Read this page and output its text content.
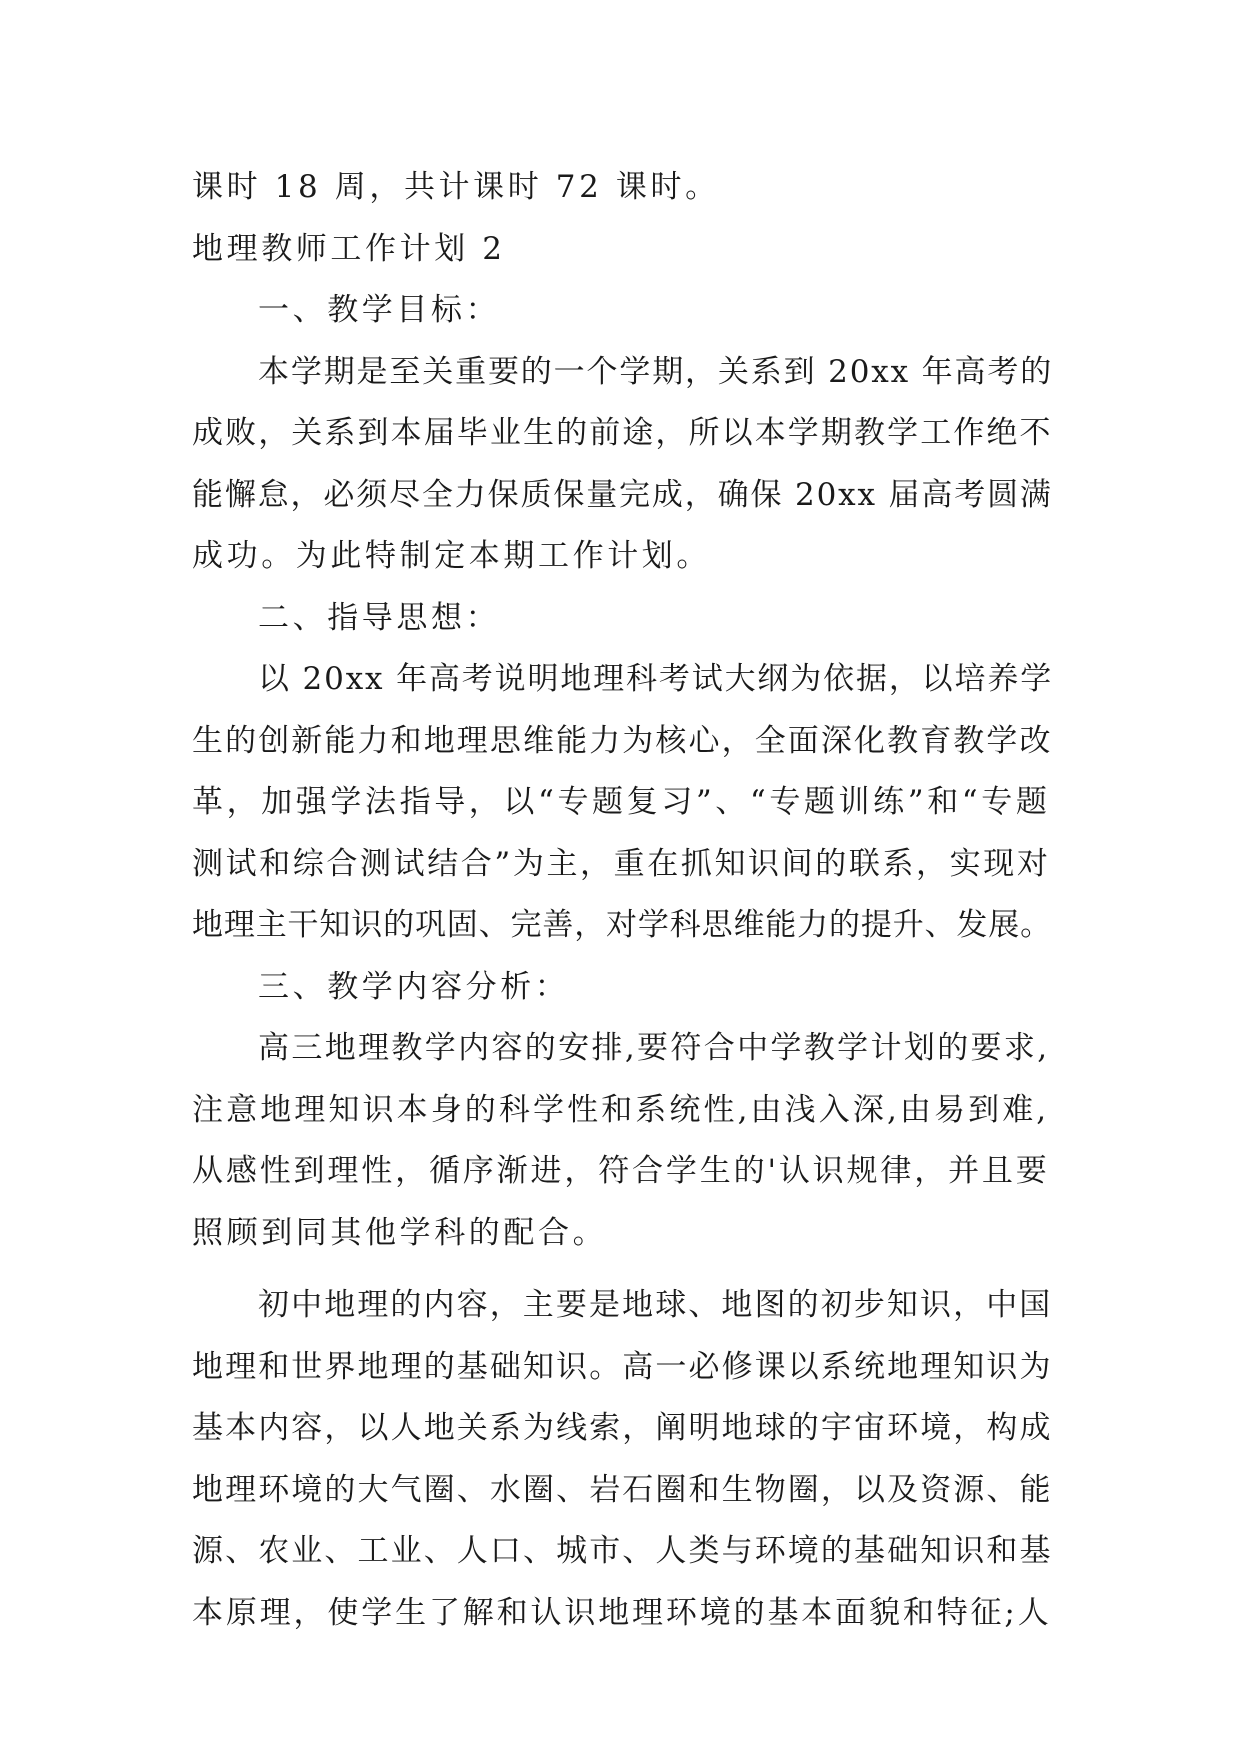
课时 18 周，共计课时 72 课时。
地理教师工作计划 2
一、教学目标：
本学期是至关重要的一个学期，关系到 20xx 年高考的
成败，关系到本届毕业生的前途，所以本学期教学工作绝不
能懈怠，必须尽全力保质保量完成，确保 20xx 届高考圆满
成功。为此特制定本期工作计划。
二、指导思想：
以 20xx 年高考说明地理科考试大纲为依据，以培养学
生的创新能力和地理思维能力为核心，全面深化教育教学改
革，加强学法指导，以“专题复习”、“专题训练”和“专题
测试和综合测试结合”为主，重在抓知识间的联系，实现对
地理主干知识的巩固、完善，对学科思维能力的提升、发展。
三、教学内容分析：
高三地理教学内容的安排,要符合中学教学计划的要求,
注意地理知识本身的科学性和系统性,由浅入深,由易到难,
从感性到理性，循序渐进，符合学生的'认识规律，并且要
照顾到同其他学科的配合。
初中地理的内容，主要是地球、地图的初步知识，中国
地理和世界地理的基础知识。高一必修课以系统地理知识为
基本内容，以人地关系为线索，阐明地球的宇宙环境，构成
地理环境的大气圈、水圈、岩石圈和生物圈，以及资源、能
源、农业、工业、人口、城市、人类与环境的基础知识和基
本原理，使学生了解和认识地理环境的基本面貌和特征;人
